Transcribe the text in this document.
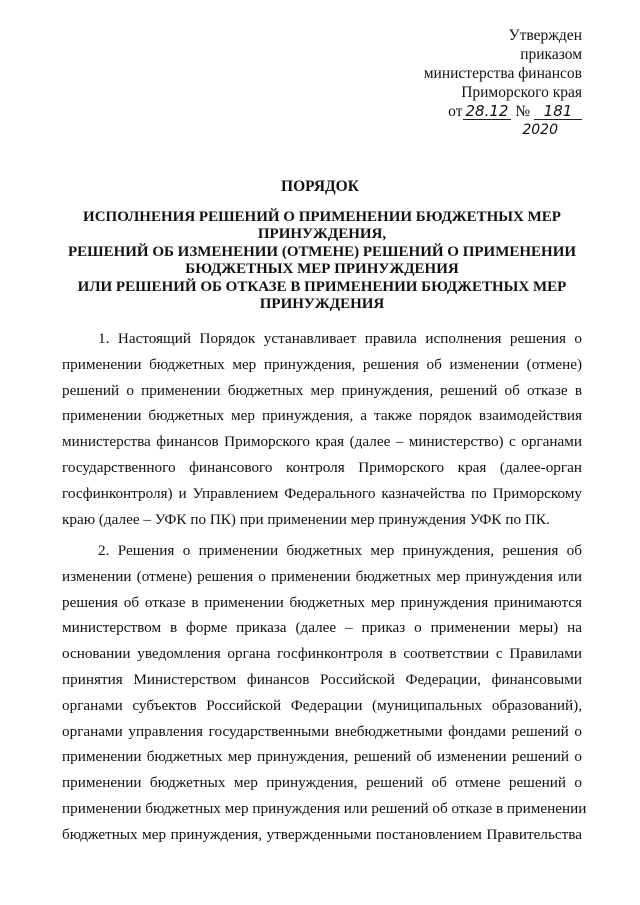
Утвержден
приказом
министерства финансов
Приморского края
от 28.12 № 181
2020
ПОРЯДОК
ИСПОЛНЕНИЯ РЕШЕНИЙ О ПРИМЕНЕНИИ БЮДЖЕТНЫХ МЕР
ПРИНУЖДЕНИЯ,
РЕШЕНИЙ ОБ ИЗМЕНЕНИИ (ОТМЕНЕ) РЕШЕНИЙ О ПРИМЕНЕНИИ
БЮДЖЕТНЫХ МЕР ПРИНУЖДЕНИЯ
ИЛИ РЕШЕНИЙ ОБ ОТКАЗЕ В ПРИМЕНЕНИИ БЮДЖЕТНЫХ МЕР
ПРИНУЖДЕНИЯ
1. Настоящий Порядок устанавливает правила исполнения решения о
применении бюджетных мер принуждения, решения об изменении (отмене)
решений о применении бюджетных мер принуждения, решений об отказе в
применении бюджетных мер принуждения, а также порядок взаимодействия
министерства финансов Приморского края (далее – министерство) с органами
государственного финансового контроля Приморского края (далее-орган
госфинконтроля) и Управлением Федерального казначейства по Приморскому
краю (далее – УФК по ПК) при применении мер принуждения УФК по ПК.
2. Решения о применении бюджетных мер принуждения, решения об
изменении (отмене) решения о применении бюджетных мер принуждения или
решения об отказе в применении бюджетных мер принуждения принимаются
министерством в форме приказа (далее – приказ о применении меры) на
основании уведомления органа госфинконтроля в соответствии с Правилами
принятия Министерством финансов Российской Федерации, финансовыми
органами субъектов Российской Федерации (муниципальных образований),
органами управления государственными внебюджетными фондами решений о
применении бюджетных мер принуждения, решений об изменении решений о
применении бюджетных мер принуждения, решений об отмене решений о
применении бюджетных мер принуждения или решений об отказе в применении
бюджетных мер принуждения, утвержденными постановлением Правительства
